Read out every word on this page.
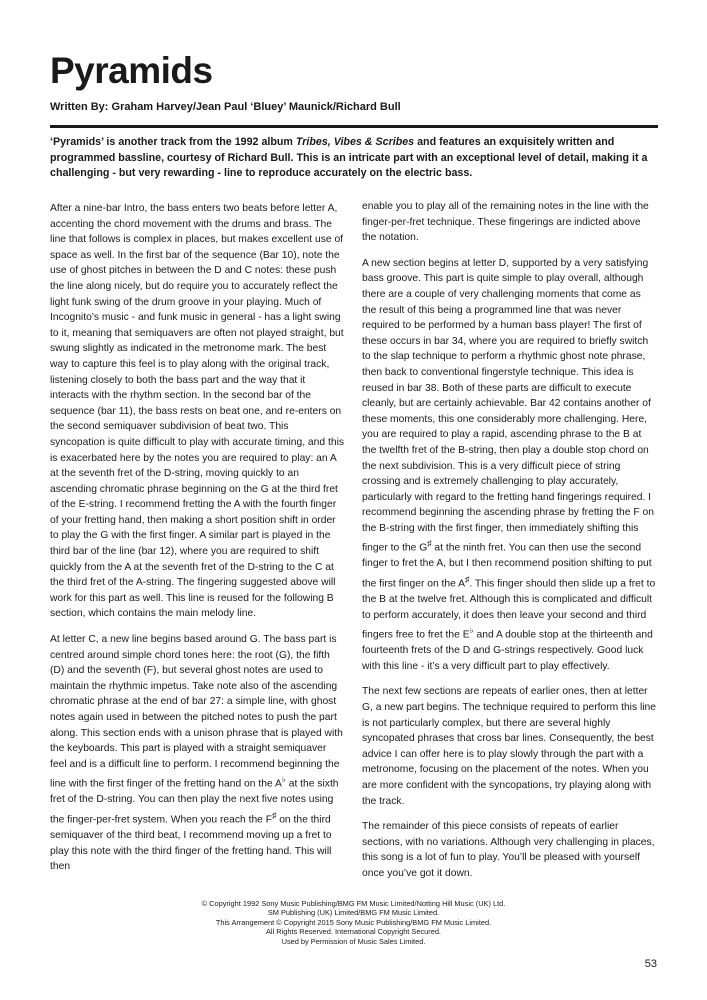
Pyramids

Written By: Graham Harvey/Jean Paul ‘Bluey’ Maunick/Richard Bull

‘Pyramids’ is another track from the 1992 album Tribes, Vibes & Scribes and features an exquisitely written and programmed bassline, courtesy of Richard Bull. This is an intricate part with an exceptional level of detail, making it a challenging - but very rewarding - line to reproduce accurately on the electric bass.

After a nine-bar Intro, the bass enters two beats before letter A, accenting the chord movement with the drums and brass. The line that follows is complex in places, but makes excellent use of space as well. In the first bar of the sequence (Bar 10), note the use of ghost pitches in between the D and C notes: these push the line along nicely, but do require you to accurately reflect the light funk swing of the drum groove in your playing. Much of Incognito’s music - and funk music in general - has a light swing to it, meaning that semiquavers are often not played straight, but swung slightly as indicated in the metronome mark. The best way to capture this feel is to play along with the original track, listening closely to both the bass part and the way that it interacts with the rhythm section. In the second bar of the sequence (bar 11), the bass rests on beat one, and re-enters on the second semiquaver subdivision of beat two. This syncopation is quite difficult to play with accurate timing, and this is exacerbated here by the notes you are required to play: an A at the seventh fret of the D-string, moving quickly to an ascending chromatic phrase beginning on the G at the third fret of the E-string. I recommend fretting the A with the fourth finger of your fretting hand, then making a short position shift in order to play the G with the first finger. A similar part is played in the third bar of the line (bar 12), where you are required to shift quickly from the A at the seventh fret of the D-string to the C at the third fret of the A-string. The fingering suggested above will work for this part as well. This line is reused for the following B section, which contains the main melody line.

At letter C, a new line begins based around G. The bass part is centred around simple chord tones here: the root (G), the fifth (D) and the seventh (F), but several ghost notes are used to maintain the rhythmic impetus. Take note also of the ascending chromatic phrase at the end of bar 27: a simple line, with ghost notes again used in between the pitched notes to push the part along. This section ends with a unison phrase that is played with the keyboards. This part is played with a straight semiquaver feel and is a difficult line to perform. I recommend beginning the line with the first finger of the fretting hand on the A♭ at the sixth fret of the D-string. You can then play the next five notes using the finger-per-fret system. When you reach the F♯ on the third semiquaver of the third beat, I recommend moving up a fret to play this note with the third finger of the fretting hand. This will then

enable you to play all of the remaining notes in the line with the finger-per-fret technique. These fingerings are indicted above the notation.

A new section begins at letter D, supported by a very satisfying bass groove. This part is quite simple to play overall, although there are a couple of very challenging moments that come as the result of this being a programmed line that was never required to be performed by a human bass player! The first of these occurs in bar 34, where you are required to briefly switch to the slap technique to perform a rhythmic ghost note phrase, then back to conventional fingerstyle technique. This idea is reused in bar 38. Both of these parts are difficult to execute cleanly, but are certainly achievable. Bar 42 contains another of these moments, this one considerably more challenging. Here, you are required to play a rapid, ascending phrase to the B at the twelfth fret of the B-string, then play a double stop chord on the next subdivision. This is a very difficult piece of string crossing and is extremely challenging to play accurately, particularly with regard to the fretting hand fingerings required. I recommend beginning the ascending phrase by fretting the F on the B-string with the first finger, then immediately shifting this finger to the G♯ at the ninth fret. You can then use the second finger to fret the A, but I then recommend position shifting to put the first finger on the A♯. This finger should then slide up a fret to the B at the twelve fret. Although this is complicated and difficult to perform accurately, it does then leave your second and third fingers free to fret the E♭ and A double stop at the thirteenth and fourteenth frets of the D and G-strings respectively. Good luck with this line - it’s a very difficult part to play effectively.

The next few sections are repeats of earlier ones, then at letter G, a new part begins. The technique required to perform this line is not particularly complex, but there are several highly syncopated phrases that cross bar lines. Consequently, the best advice I can offer here is to play slowly through the part with a metronome, focusing on the placement of the notes. When you are more confident with the syncopations, try playing along with the track.

The remainder of this piece consists of repeats of earlier sections, with no variations. Although very challenging in places, this song is a lot of fun to play. You’ll be pleased with yourself once you’ve got it down.

© Copyright 1992 Sony Music Publishing/BMG FM Music Limited/Notting Hill Music (UK) Ltd.
SM Publishing (UK) Limited/BMG FM Music Limited.
This Arrangement © Copyright 2015 Sony Music Publishing/BMG FM Music Limited.
All Rights Reserved. International Copyright Secured.
Used by Permission of Music Sales Limited.
53
